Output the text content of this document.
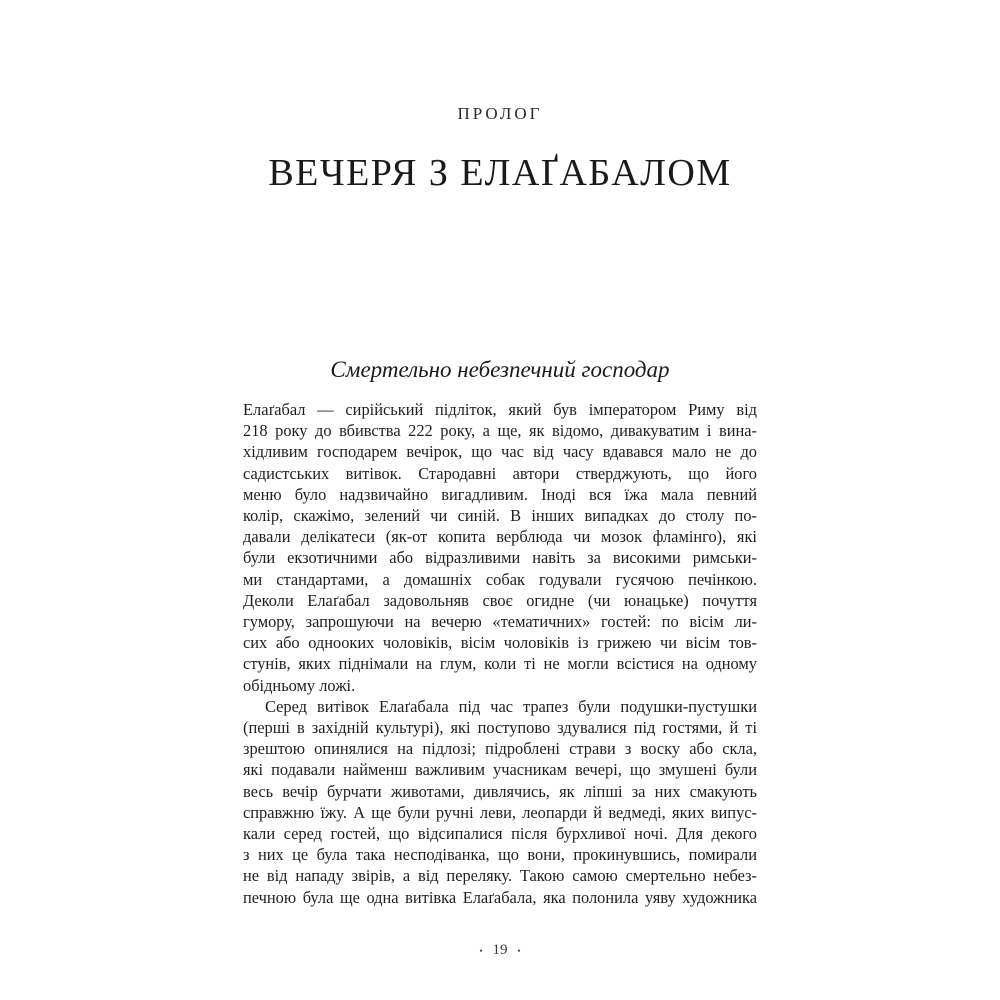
ПРОЛОГ
ВЕЧЕРЯ З ЕЛАҐАБАЛОМ
Смертельно небезпечний господар
Елаґабал — сирійський підліток, який був імператором Риму від
218 року до вбивства 222 року, а ще, як відомо, дивакуватим і вина-
хідливим господарем вечірок, що час від часу вдавався мало не до
садистських витівок. Стародавні автори стверджують, що його
меню було надзвичайно вигадливим. Іноді вся їжа мала певний
колір, скажімо, зелений чи синій. В інших випадках до столу по-
давали делікатеси (як-от копита верблюда чи мозок фламінго), які
були екзотичними або відразливими навіть за високими римськи-
ми стандартами, а домашніх собак годували гусячою печінкою.
Деколи Елаґабал задовольняв своє огидне (чи юнацьке) почуття
гумору, запрошуючи на вечерю «тематичних» гостей: по вісім ли-
сих або однооких чоловіків, вісім чоловіків із грижею чи вісім тов-
стунів, яких піднімали на глум, коли ті не могли всістися на одному
обідньому ложі.
Серед витівок Елаґабала під час трапез були подушки-пустушки
(перші в західній культурі), які поступово здувалися під гостями, й ті
зрештою опинялися на підлозі; підроблені страви з воску або скла,
які подавали найменш важливим учасникам вечері, що змушені були
весь вечір бурчати животами, дивлячись, як ліпші за них смакують
справжню їжу. А ще були ручні леви, леопарди й ведмеді, яких випус-
кали серед гостей, що відсипалися після бурхливої ночі. Для декого
з них це була така несподіванка, що вони, прокинувшись, помирали
не від нападу звірів, а від переляку. Такою самою смертельно небез-
печною була ще одна витівка Елаґабала, яка полонила уяву художника
• 19 •
